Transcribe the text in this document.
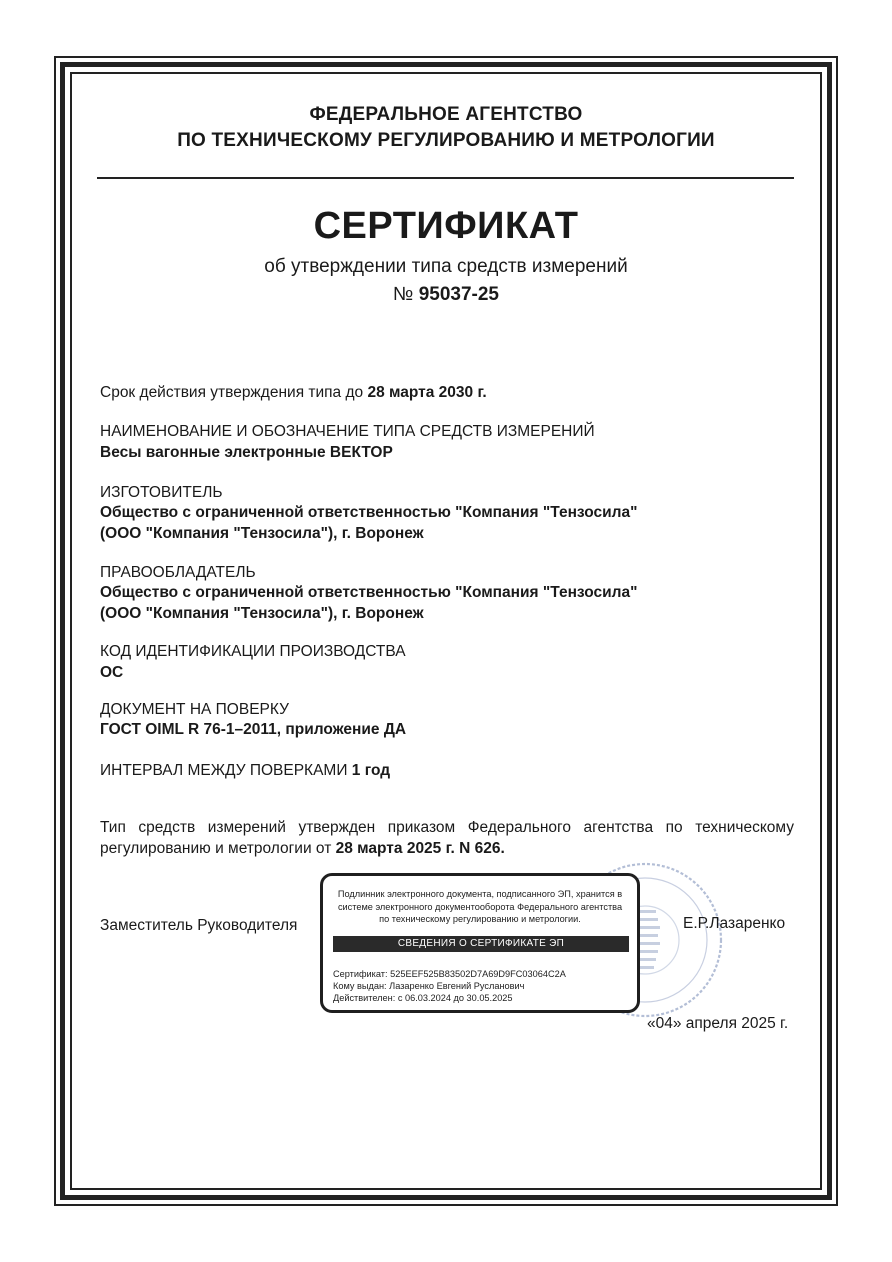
ФЕДЕРАЛЬНОЕ АГЕНТСТВО
ПО ТЕХНИЧЕСКОМУ РЕГУЛИРОВАНИЮ И МЕТРОЛОГИИ
СЕРТИФИКАТ
об утверждении типа средств измерений
№ 95037-25
Срок действия утверждения типа до 28 марта 2030 г.
НАИМЕНОВАНИЕ И ОБОЗНАЧЕНИЕ ТИПА СРЕДСТВ ИЗМЕРЕНИЙ
Весы вагонные электронные ВЕКТОР
ИЗГОТОВИТЕЛЬ
Общество с ограниченной ответственностью "Компания "Тензосила"
(ООО "Компания "Тензосила"), г. Воронеж
ПРАВООБЛАДАТЕЛЬ
Общество с ограниченной ответственностью "Компания "Тензосила"
(ООО "Компания "Тензосила"), г. Воронеж
КОД ИДЕНТИФИКАЦИИ ПРОИЗВОДСТВА
ОС
ДОКУМЕНТ НА ПОВЕРКУ
ГОСТ OIML R 76-1–2011, приложение ДА
ИНТЕРВАЛ МЕЖДУ ПОВЕРКАМИ 1 год
Тип средств измерений утвержден приказом Федерального агентства по техническому регулированию и метрологии от 28 марта 2025 г. N 626.
Заместитель Руководителя
Подлинник электронного документа, подписанного ЭП, хранится в системе электронного документооборота Федерального агентства по техническому регулированию и метрологии.
СВЕДЕНИЯ О СЕРТИФИКАТЕ ЭП
Сертификат: 525EEF525B83502D7A69D9FC03064C2A
Кому выдан: Лазаренко Евгений Русланович
Действителен: с 06.03.2024 до 30.05.2025
Е.Р.Лазаренко
«04» апреля 2025 г.
